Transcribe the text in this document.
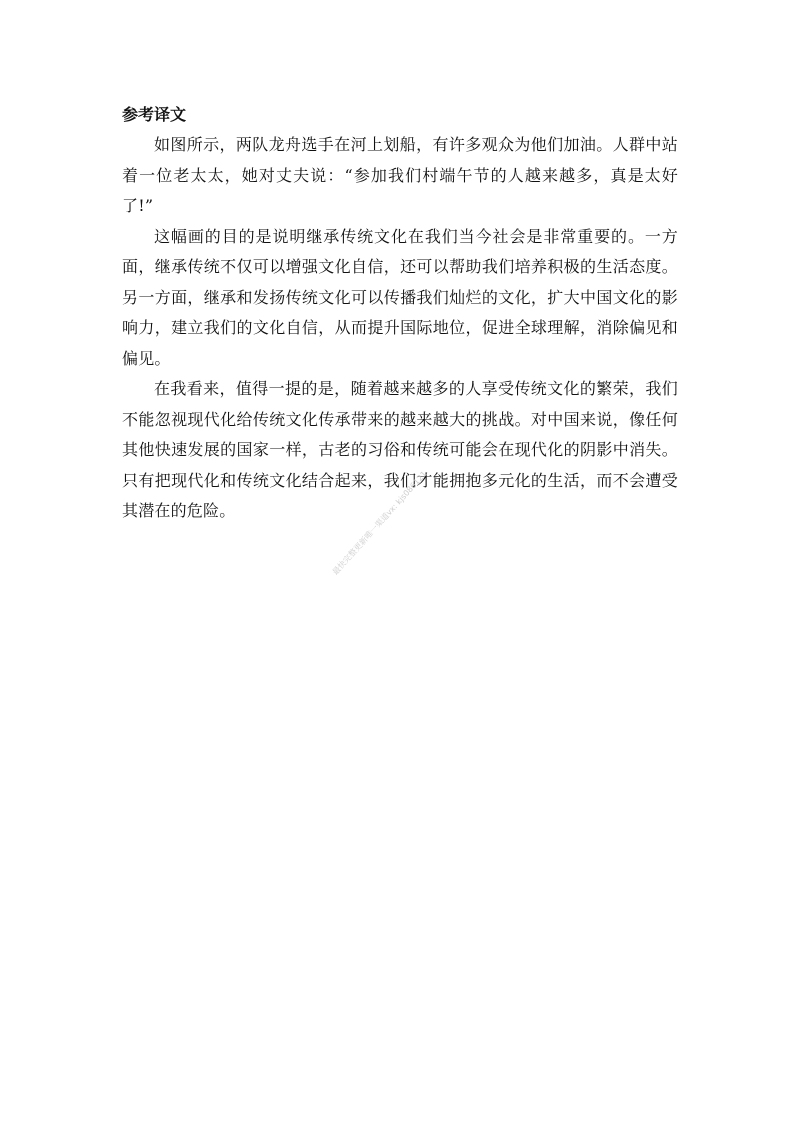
参考译文

如图所示，两队龙舟选手在河上划船，有许多观众为他们加油。人群中站着一位老太太，她对丈夫说：“参加我们村端午节的人越来越多，真是太好了!”

这幅画的目的是说明继承传统文化在我们当今社会是非常重要的。一方面，继承传统不仅可以增强文化自信，还可以帮助我们培养积极的生活态度。另一方面，继承和发扬传统文化可以传播我们灿烂的文化，扩大中国文化的影响力，建立我们的文化自信，从而提升国际地位，促进全球理解，消除偏见和偏见。

在我看来，值得一提的是，随着越来越多的人享受传统文化的繁荣，我们不能忽视现代化给传统文化传承带来的越来越大的挑战。对中国来说，像任何其他快速发展的国家一样，古老的习俗和传统可能会在现代化的阴影中消失。只有把现代化和传统文化结合起来，我们才能拥抱多元化的生活，而不会遭受其潜在的危险。	最快完整更新唯一渠道vx: kjs086121
